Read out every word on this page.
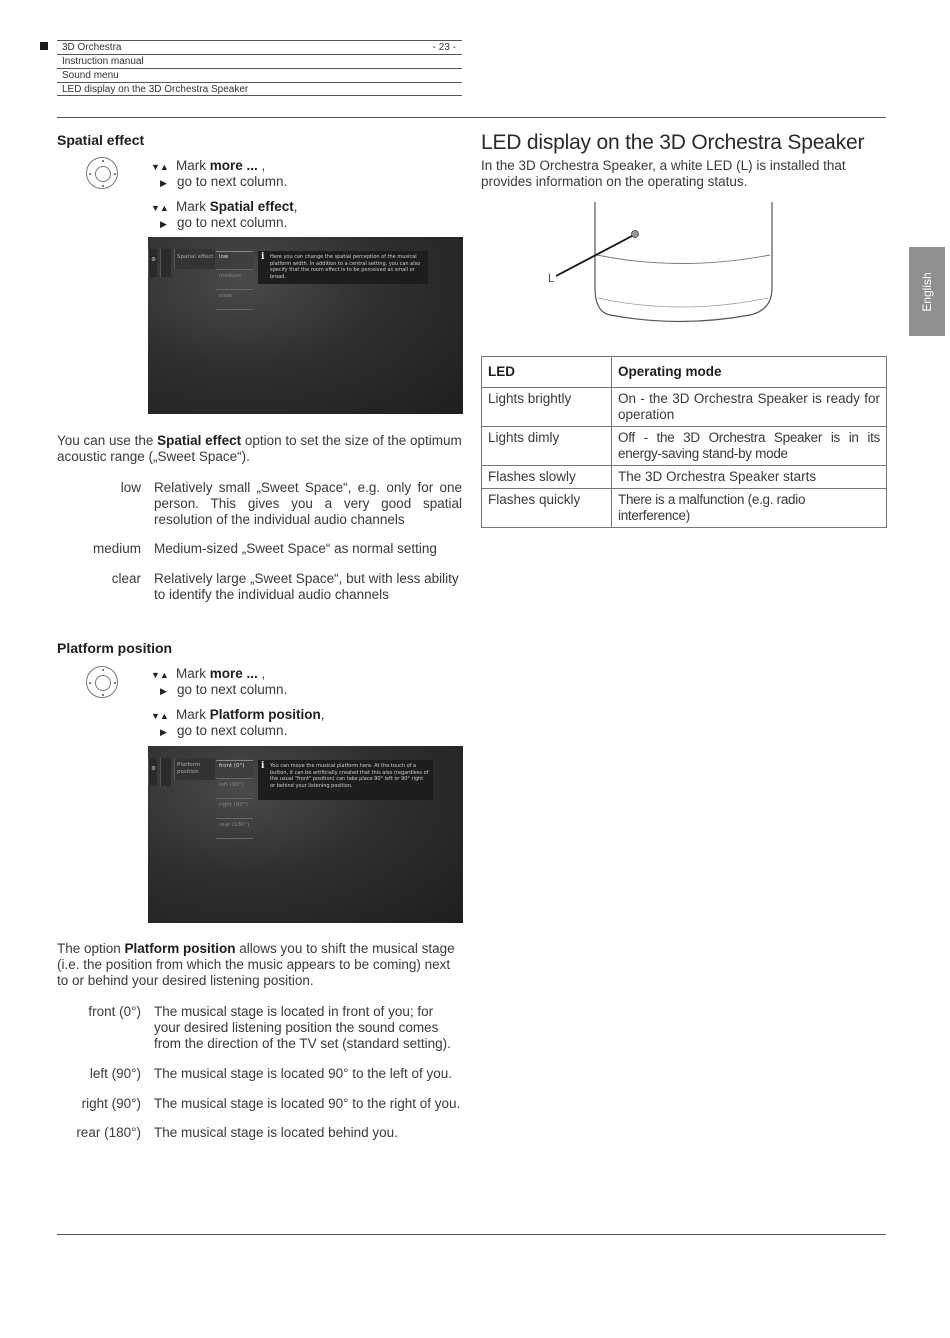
3D Orchestra	- 23 -
Instruction manual
Sound menu
LED display on the 3D Orchestra Speaker
English
Spatial effect
▼▲ Mark more ... ,
▶ go to next column.
▼▲ Mark Spatial effect,
▶ go to next column.
⚙	Spatial effect	low
medium
clear
i Here you can change the spatial perception of the musical platform width. In addition to a central setting, you can also specify that the room effect is to be perceived as small or broad.
You can use the Spatial effect option to set the size of the optimum acoustic range („Sweet Space“).
low Relatively small „Sweet Space“, e.g. only for one person. This gives you a very good spatial resolution of the individual audio channels
medium Medium-sized „Sweet Space“ as normal setting
clear Relatively large „Sweet Space“, but with less ability to identify the individual audio channels
Platform position
▼▲ Mark more ... ,
▶ go to next column.
▼▲ Mark Platform position,
▶ go to next column.
⚙
Platform position
front (0°)
left (90°)
right (90°)
rear (180°)
i You can move the musical platform here. At the touch of a button, it can be artificially created that this also (regardless of the usual "front" position) can take place 90° left or 90° right or behind your listening position.
The option Platform position allows you to shift the musical stage (i.e. the position from which the music appears to be coming) next to or behind your desired listening position.
front (0°) The musical stage is located in front of you; for your desired listening position the sound comes from the direction of the TV set (standard setting).
left (90°) The musical stage is located 90° to the left of you.
right (90°) The musical stage is located 90° to the right of you.
rear (180°) The musical stage is located behind you.
LED display on the 3D Orchestra Speaker
In the 3D Orchestra Speaker, a white LED (L) is installed that provides information on the operating status.
L
LED	Operating mode
Lights brightly	On - the 3D Orchestra Speaker is ready for operation
Lights dimly	Off - the 3D Orchestra Speaker is in its energy-saving stand-by mode
Flashes slowly	The 3D Orchestra Speaker starts
Flashes quickly	There is a malfunction (e.g. radio interference)
